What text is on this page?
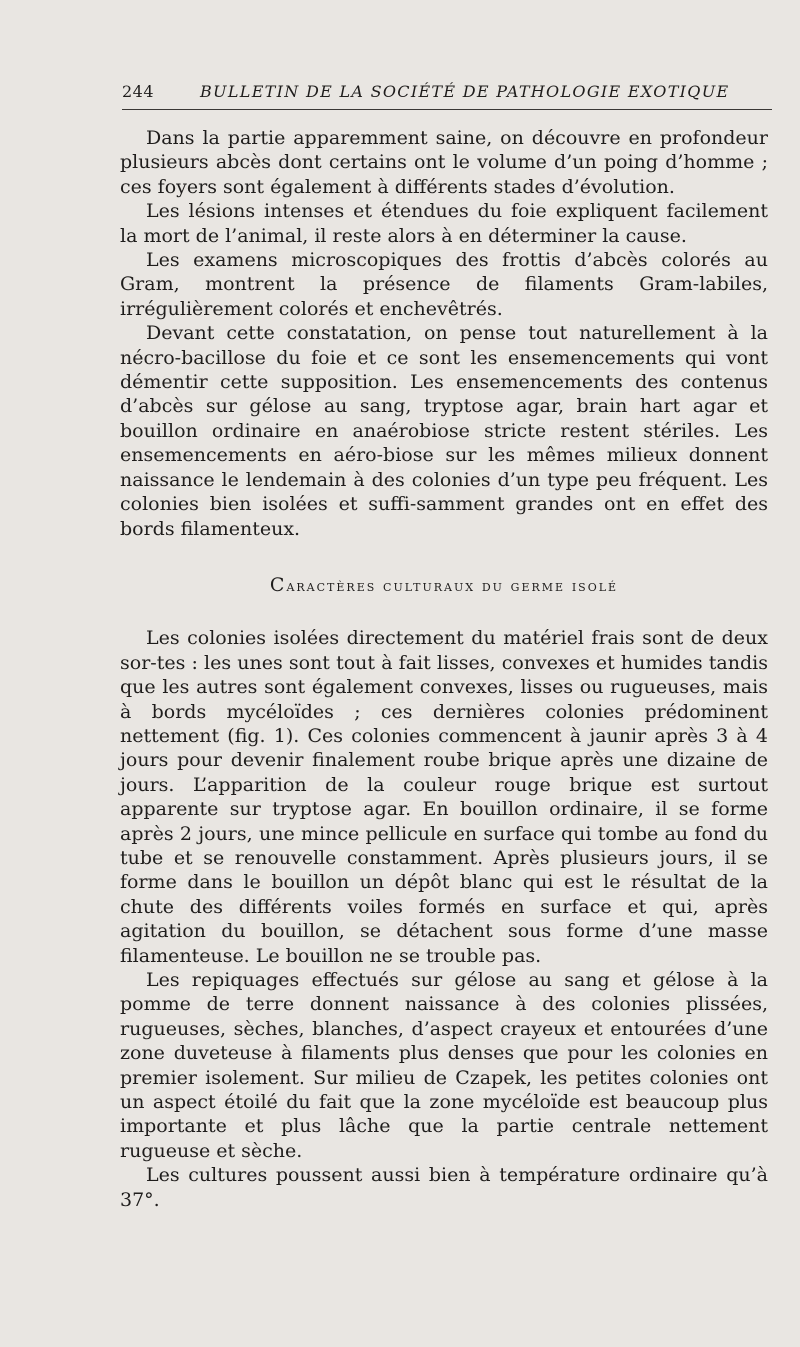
244	BULLETIN DE LA SOCIÉTÉ DE PATHOLOGIE EXOTIQUE

Dans la partie apparemment saine, on découvre en profondeur plusieurs abcès dont certains ont le volume d’un poing d’homme ; ces foyers sont également à différents stades d’évolution.

Les lésions intenses et étendues du foie expliquent facilement la mort de l’animal, il reste alors à en déterminer la cause.

Les examens microscopiques des frottis d’abcès colorés au Gram, montrent la présence de filaments Gram-labiles, irrégulièrement colorés et enchevêtrés.

Devant cette constatation, on pense tout naturellement à la nécro-bacillose du foie et ce sont les ensemencements qui vont démentir cette supposition. Les ensemencements des contenus d’abcès sur gélose au sang, tryptose agar, brain hart agar et bouillon ordinaire en anaérobiose stricte restent stériles. Les ensemencements en aéro-biose sur les mêmes milieux donnent naissance le lendemain à des colonies d’un type peu fréquent. Les colonies bien isolées et suffi-samment grandes ont en effet des bords filamenteux.

Caractères culturaux du germe isolé

Les colonies isolées directement du matériel frais sont de deux sor-tes : les unes sont tout à fait lisses, convexes et humides tandis que les autres sont également convexes, lisses ou rugueuses, mais à bords mycéloïdes ; ces dernières colonies prédominent nettement (fig. 1). Ces colonies commencent à jaunir après 3 à 4 jours pour devenir finalement roube brique après une dizaine de jours. L’apparition de la couleur rouge brique est surtout apparente sur tryptose agar. En bouillon ordinaire, il se forme après 2 jours, une mince pellicule en surface qui tombe au fond du tube et se renouvelle constamment. Après plusieurs jours, il se forme dans le bouillon un dépôt blanc qui est le résultat de la chute des différents voiles formés en surface et qui, après agitation du bouillon, se détachent sous forme d’une masse filamenteuse. Le bouillon ne se trouble pas.

Les repiquages effectués sur gélose au sang et gélose à la pomme de terre donnent naissance à des colonies plissées, rugueuses, sèches, blanches, d’aspect crayeux et entourées d’une zone duveteuse à filaments plus denses que pour les colonies en premier isolement. Sur milieu de Czapek, les petites colonies ont un aspect étoilé du fait que la zone mycéloïde est beaucoup plus importante et plus lâche que la partie centrale nettement rugueuse et sèche.

Les cultures poussent aussi bien à température ordinaire qu’à 37°.
